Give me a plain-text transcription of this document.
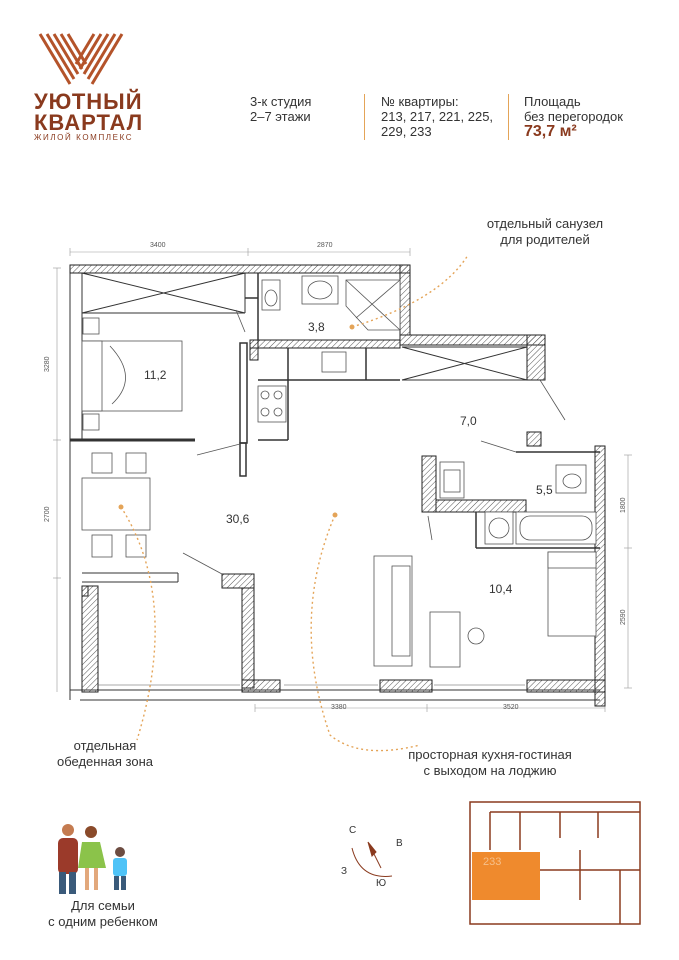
УЮТНЫЙ
КВАРТАЛ
ЖИЛОЙ КОМПЛЕКС
3-к студия
2–7 этажи
№ квартиры:
213, 217, 221, 225,
229, 233
Площадь
без перегородок
73,7 м²
3400	2870
3280
2700
3380	3520
1800
2590
3,8
11,2
30,6
7,0
5,5
10,4
отдельный санузел
для родителей
отдельная
обеденная зона	просторная кухня-гостиная
с выходом на лоджию
Для семьи
с одним ребенком
С
В
Ю
З
233
